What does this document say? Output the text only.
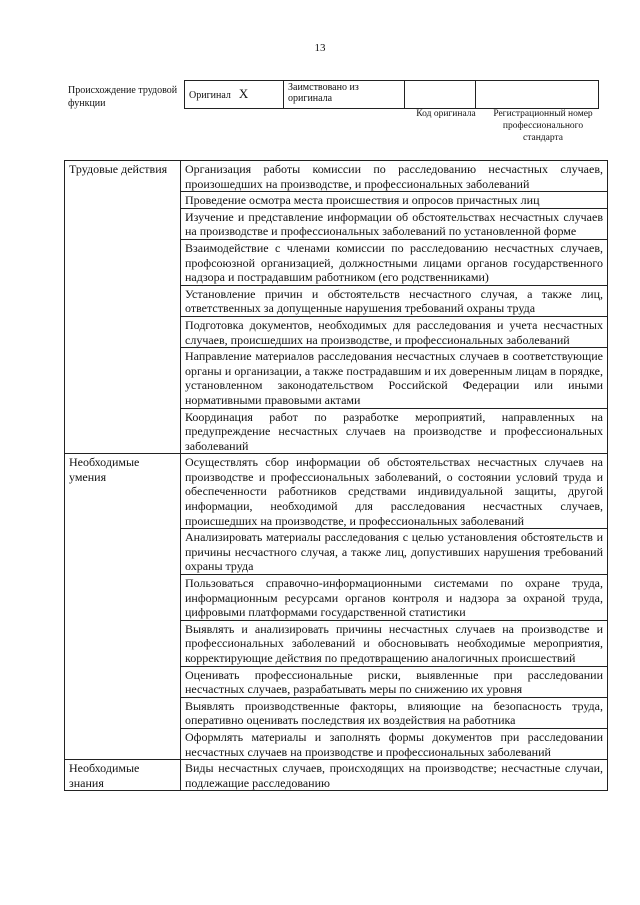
13
Происхождение трудовой функции
Оригинал X	Заимствовано из оригинала		
Код оригинала	Регистрационный номер профессионального стандарта
Трудовые действия	Организация работы комиссии по расследованию несчастных случаев, произошедших на производстве, и профессиональных заболеваний
	Проведение осмотра места происшествия и опросов причастных лиц
	Изучение и представление информации об обстоятельствах несчастных случаев на производстве и профессиональных заболеваний по установленной форме
	Взаимодействие с членами комиссии по расследованию несчастных случаев, профсоюзной организацией, должностными лицами органов государственного надзора и пострадавшим работником (его родственниками)
	Установление причин и обстоятельств несчастного случая, а также лиц, ответственных за допущенные нарушения требований охраны труда
	Подготовка документов, необходимых для расследования и учета несчастных случаев, происшедших на производстве, и профессиональных заболеваний
	Направление материалов расследования несчастных случаев в соответствующие органы и организации, а также пострадавшим и их доверенным лицам в порядке, установленном законодательством Российской Федерации или иными нормативными правовыми актами
	Координация работ по разработке мероприятий, направленных на предупреждение несчастных случаев на производстве и профессиональных заболеваний
Необходимые умения	Осуществлять сбор информации об обстоятельствах несчастных случаев на производстве и профессиональных заболеваний, о состоянии условий труда и обеспеченности работников средствами индивидуальной защиты, другой информации, необходимой для расследования несчастных случаев, происшедших на производстве, и профессиональных заболеваний
	Анализировать материалы расследования с целью установления обстоятельств и причины несчастного случая, а также лиц, допустивших нарушения требований охраны труда
	Пользоваться справочно-информационными системами по охране труда, информационным ресурсами органов контроля и надзора за охраной труда, цифровыми платформами государственной статистики
	Выявлять и анализировать причины несчастных случаев на производстве и профессиональных заболеваний и обосновывать необходимые мероприятия, корректирующие действия по предотвращению аналогичных происшествий
	Оценивать профессиональные риски, выявленные при расследовании несчастных случаев, разрабатывать меры по снижению их уровня
	Выявлять производственные факторы, влияющие на безопасность труда, оперативно оценивать последствия их воздействия на работника
	Оформлять материалы и заполнять формы документов при расследовании несчастных случаев на производстве и профессиональных заболеваний
Необходимые знания	Виды несчастных случаев, происходящих на производстве; несчастные случаи, подлежащие расследованию
